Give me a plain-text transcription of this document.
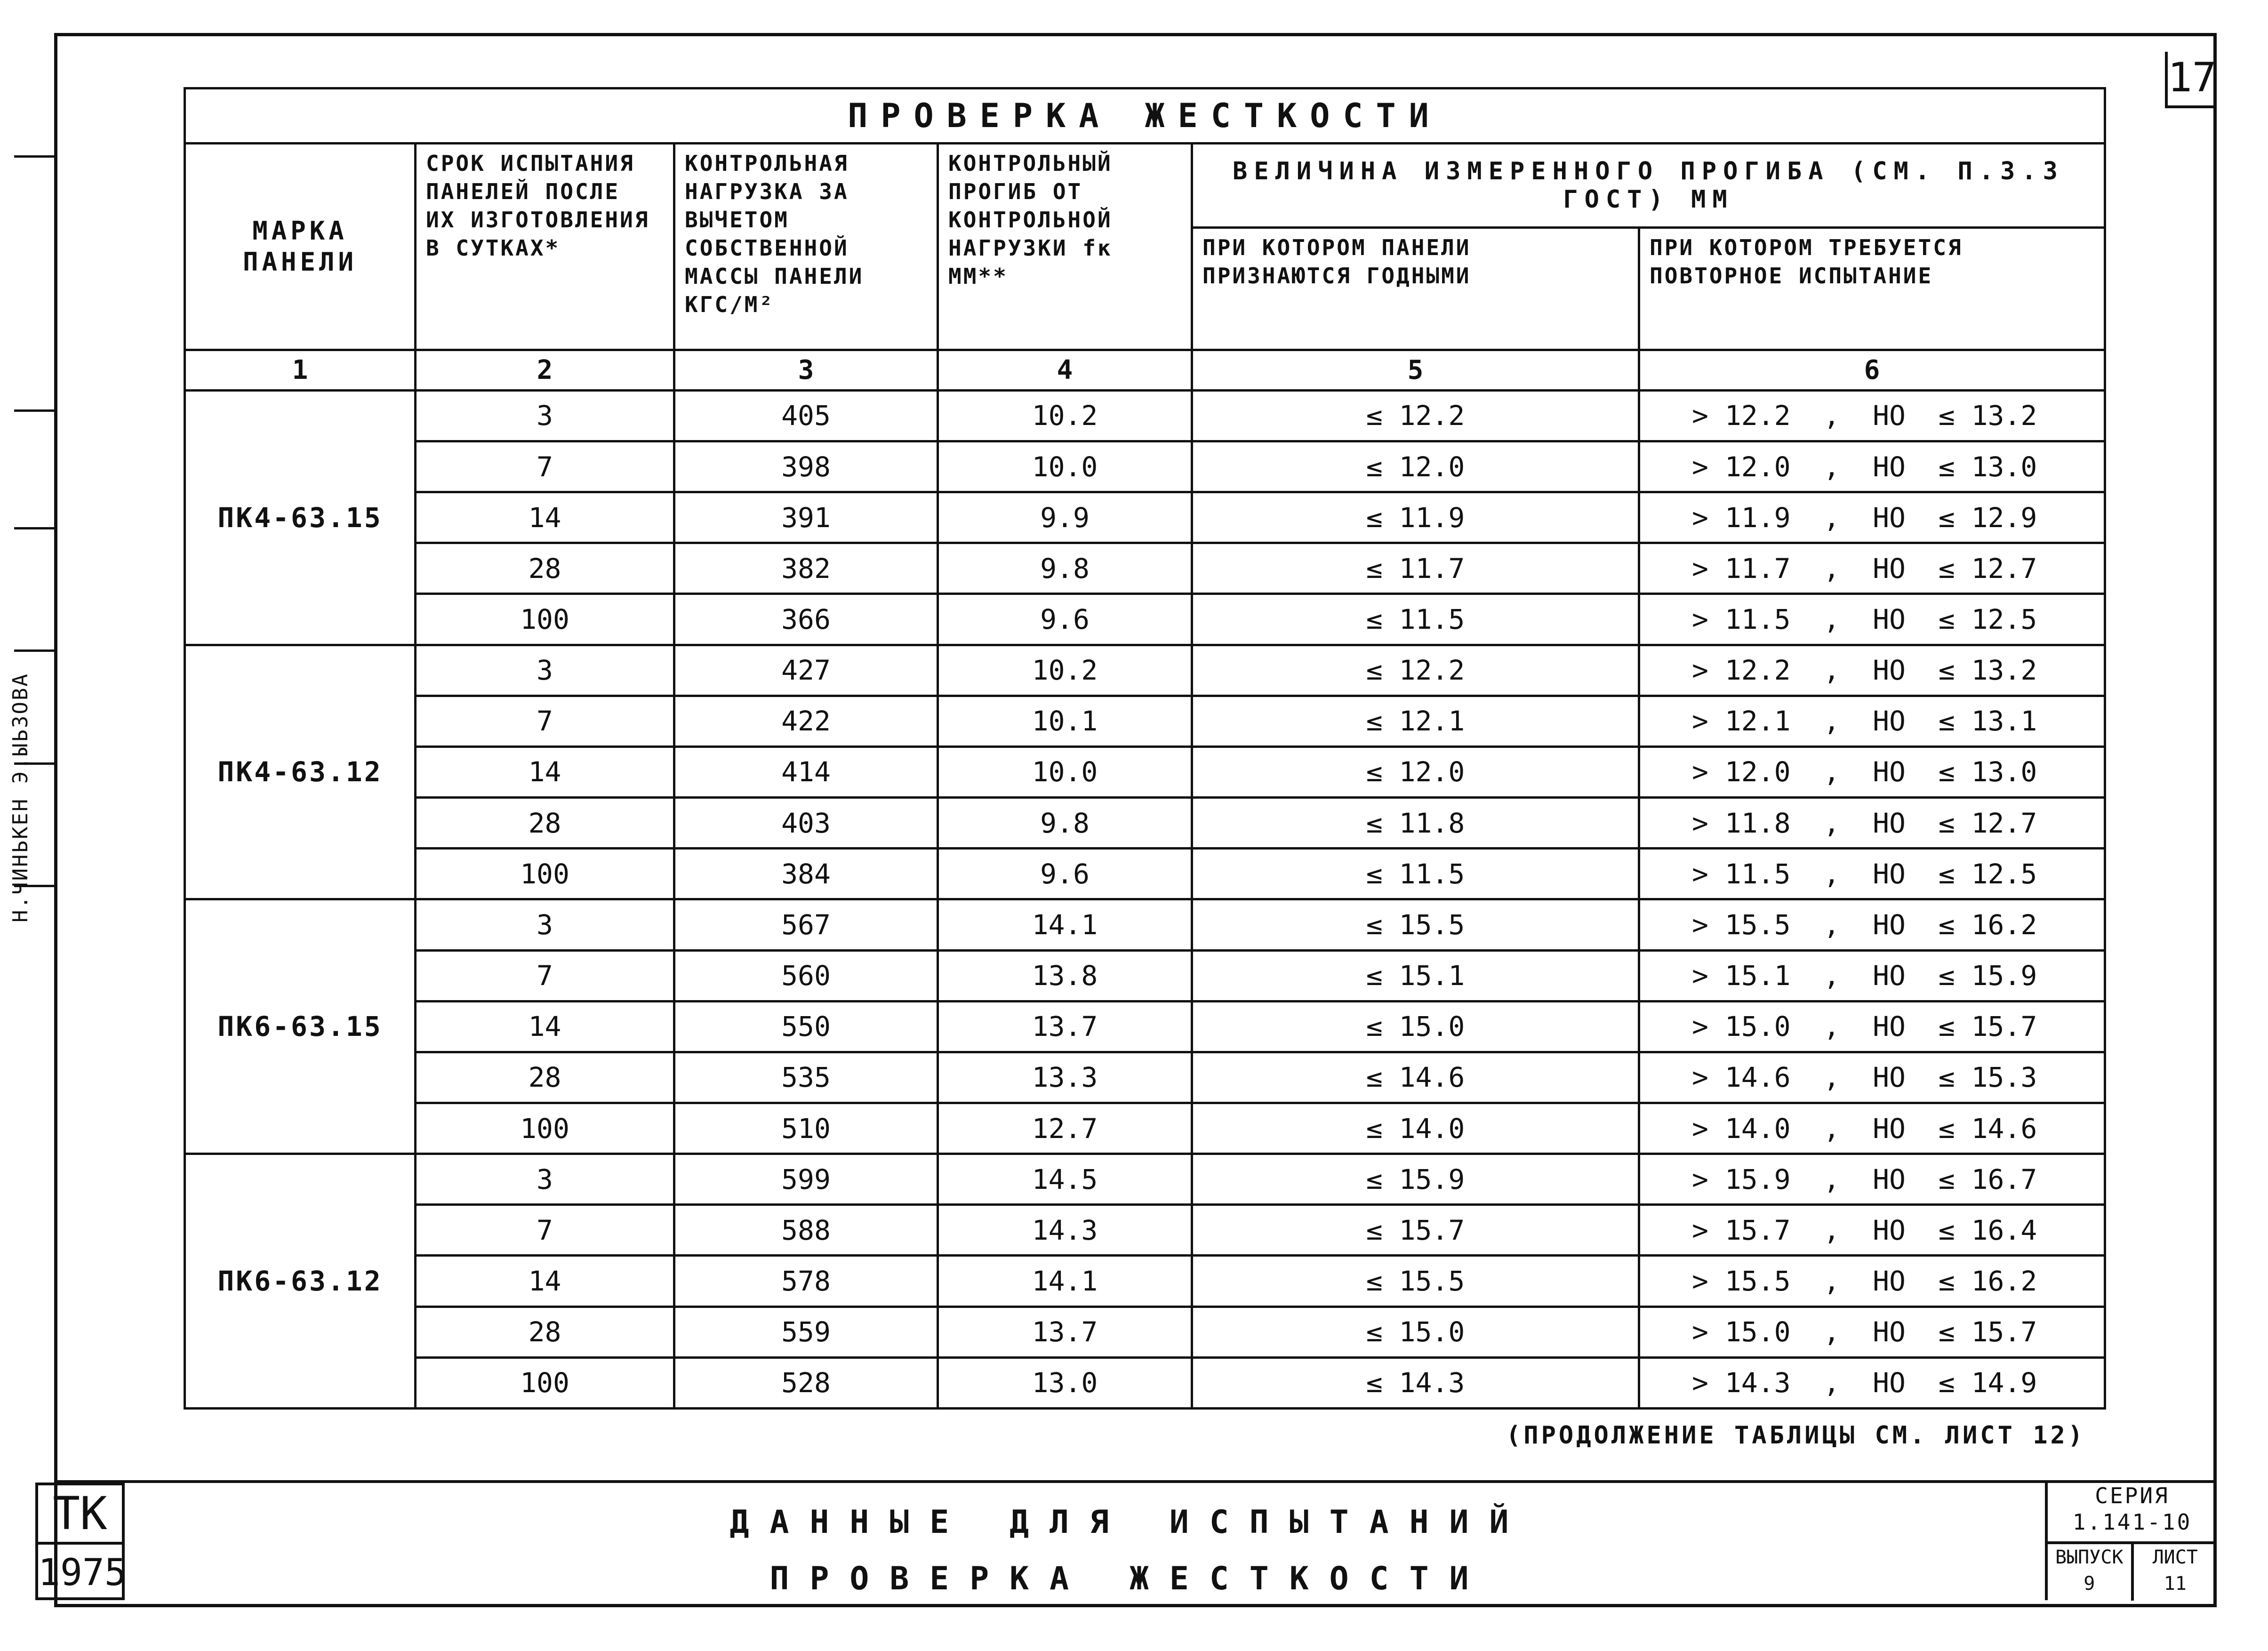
Н.ЧИНЬКЕН Э.ЫЬЗОВА
17
ПРОВЕРКА ЖЕСТКОСТИ					
МАРКА ПАНЕЛИ	СРОК ИСПЫТАНИЯ ПАНЕЛЕЙ ПОСЛЕ ИХ ИЗГОТОВЛЕНИЯ В СУТКАХ*	КОНТРОЛЬНАЯ НАГРУЗКА ЗА ВЫЧЕТОМ СОБСТВЕННОЙ МАССЫ ПАНЕЛИ КГС/М²	КОНТРОЛЬНЫЙ ПРОГИБ ОТ КОНТРОЛЬНОЙ НАГРУЗКИ fк ММ**	ВЕЛИЧИНА ИЗМЕРЕННОГО ПРОГИБА (СМ. П.3.3 ГОСТ) ММ	
				ПРИ КОТОРОМ ПАНЕЛИ ПРИЗНАЮТСЯ ГОДНЫМИ	ПРИ КОТОРОМ ТРЕБУЕТСЯ ПОВТОРНОЕ ИСПЫТАНИЕ
1	2	3	4	5	6
ПК4-63.15	3	405	10.2	≤ 12.2	> 12.2  ,  НО  ≤ 13.2
	7	398	10.0	≤ 12.0	> 12.0  ,  НО  ≤ 13.0
	14	391	9.9	≤ 11.9	> 11.9  ,  НО  ≤ 12.9
	28	382	9.8	≤ 11.7	> 11.7  ,  НО  ≤ 12.7
	100	366	9.6	≤ 11.5	> 11.5  ,  НО  ≤ 12.5
ПК4-63.12	3	427	10.2	≤ 12.2	> 12.2  ,  НО  ≤ 13.2
	7	422	10.1	≤ 12.1	> 12.1  ,  НО  ≤ 13.1
	14	414	10.0	≤ 12.0	> 12.0  ,  НО  ≤ 13.0
	28	403	9.8	≤ 11.8	> 11.8  ,  НО  ≤ 12.7
	100	384	9.6	≤ 11.5	> 11.5  ,  НО  ≤ 12.5
ПК6-63.15	3	567	14.1	≤ 15.5	> 15.5  ,  НО  ≤ 16.2
	7	560	13.8	≤ 15.1	> 15.1  ,  НО  ≤ 15.9
	14	550	13.7	≤ 15.0	> 15.0  ,  НО  ≤ 15.7
	28	535	13.3	≤ 14.6	> 14.6  ,  НО  ≤ 15.3
	100	510	12.7	≤ 14.0	> 14.0  ,  НО  ≤ 14.6
ПК6-63.12	3	599	14.5	≤ 15.9	> 15.9  ,  НО  ≤ 16.7
	7	588	14.3	≤ 15.7	> 15.7  ,  НО  ≤ 16.4
	14	578	14.1	≤ 15.5	> 15.5  ,  НО  ≤ 16.2
	28	559	13.7	≤ 15.0	> 15.0  ,  НО  ≤ 15.7
	100	528	13.0	≤ 14.3	> 14.3  ,  НО  ≤ 14.9
(ПРОДОЛЖЕНИЕ ТАБЛИЦЫ СМ. ЛИСТ 12)
ТК
1975
ДАННЫЕ ДЛЯ ИСПЫТАНИЙ
ПРОВЕРКА ЖЕСТКОСТИ
СЕРИЯ
1.141-10
ВЫПУСК
9
ЛИСТ
11
